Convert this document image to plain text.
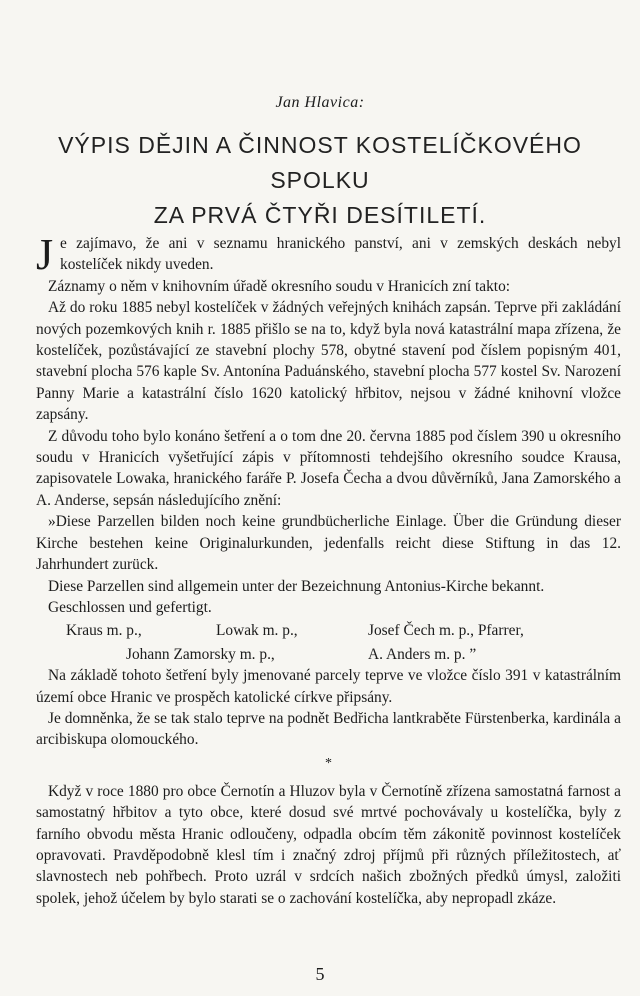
Jan Hlavica:
VÝPIS DĚJIN A ČINNOST KOSTELÍČKOVÉHO SPOLKU
ZA PRVÁ ČTYŘI DESÍTILETÍ.

J e zajímavo, že ani v seznamu hranického panství, ani v zemských deskách nebyl kostelíček nikdy uveden.

Záznamy o něm v knihovním úřadě okresního soudu v Hranicích zní takto:

Až do roku 1885 nebyl kostelíček v žádných veřejných knihách zapsán. Teprve při zakládání nových pozemkových knih r. 1885 přišlo se na to, když byla nová katastrální mapa zřízena, že kostelíček, pozůstávající ze stavební plochy 578, obytné stavení pod číslem popisným 401, stavební plocha 576 kaple Sv. Antonína Paduánského, stavební plocha 577 kostel Sv. Narození Panny Marie a katastrální číslo 1620 katolický hřbitov, nejsou v žádné knihovní vložce zapsány.

Z důvodu toho bylo konáno šetření a o tom dne 20. června 1885 pod číslem 390 u okresního soudu v Hranicích vyšetřující zápis v přítomnosti tehdejšího okresního soudce Krausa, zapisovatele Lowaka, hranického faráře P. Josefa Čecha a dvou důvěrníků, Jana Zamorského a A. Anderse, sepsán následujícího znění:

»Diese Parzellen bilden noch keine grundbücherliche Einlage. Über die Gründung dieser Kirche bestehen keine Originalurkunden, jedenfalls reicht diese Stiftung in das 12. Jahrhundert zurück.

Diese Parzellen sind allgemein unter der Bezeichnung Antonius-Kirche bekannt.

Geschlossen und gefertigt.

Kraus m. p.,	Lowak m. p.,	Josef Čech m. p., Pfarrer,
Johann Zamorsky m. p.,	A. Anders m. p. ˮ

Na základě tohoto šetření byly jmenované parcely teprve ve vložce číslo 391 v katastrálním území obce Hranic ve prospěch katolické církve připsány.

Je domněnka, že se tak stalo teprve na podnět Bedřicha lantkraběte Fürstenberka, kardinála a arcibiskupa olomouckého.

*

Když v roce 1880 pro obce Černotín a Hluzov byla v Černotíně zřízena samostatná farnost a samostatný hřbitov a tyto obce, které dosud své mrtvé pochovávaly u kostelíčka, byly z farního obvodu města Hranic odloučeny, odpadla obcím těm zákonitě povinnost kostelíček opravovati. Pravděpodobně klesl tím i značný zdroj příjmů při různých příležitostech, ať slavnostech neb pohřbech. Proto uzrál v srdcích našich zbožných předků úmysl, založiti spolek, jehož účelem by bylo starati se o zachování kostelíčka, aby nepropadl zkáze.

5
